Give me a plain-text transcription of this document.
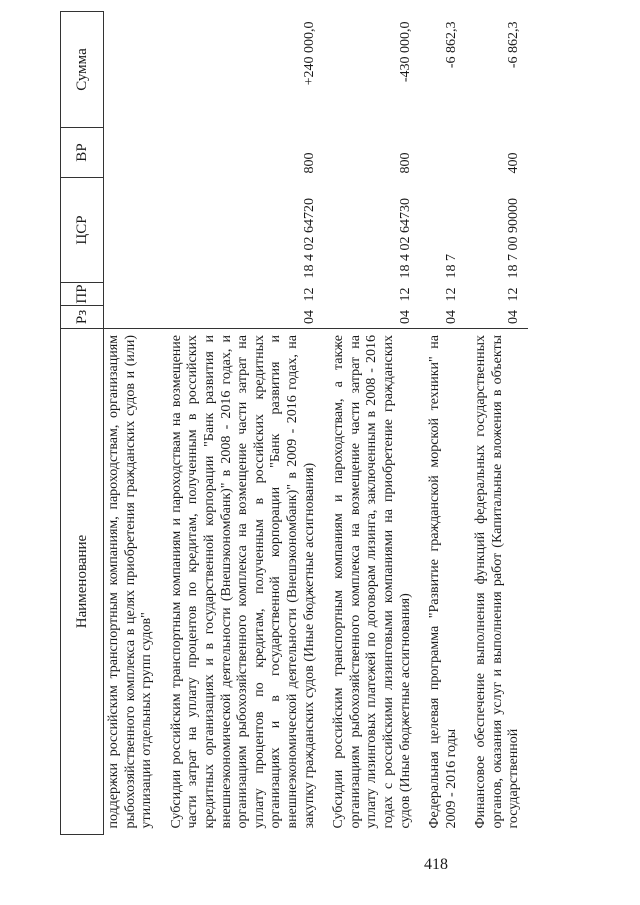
418
Наименование	Рз	ПР	ЦСР	ВР	Сумма
поддержки российским транспортным компаниям, пароходствам, организациям рыбохозяйственного комплекса в целях приобретения гражданских судов и (или) утилизации отдельных групп судов"					
Субсидии российским транспортным компаниям и пароходствам на возмещение части затрат на уплату процентов по кредитам, полученным в российских кредитных организациях и в государственной корпорации "Банк развития и внешнеэкономической деятельности (Внешэкономбанк)" в 2008 - 2016 годах, и организациям рыбохозяйственного комплекса на возмещение части затрат на уплату процентов по кредитам, полученным в российских кредитных организациях и в государственной корпорации "Банк развития и внешнеэкономической деятельности (Внешэкономбанк)" в 2009 - 2016 годах, на закупку гражданских судов (Иные бюджетные ассигнования)	04	12	18 4 02 64720	800	+240 000,0
Субсидии российским транспортным компаниям и пароходствам, а также организациям рыбохозяйственного комплекса на возмещение части затрат на уплату лизинговых платежей по договорам лизинга, заключенным в 2008 - 2016 годах с российскими лизинговыми компаниями на приобретение гражданских судов (Иные бюджетные ассигнования)	04	12	18 4 02 64730	800	-430 000,0
Федеральная целевая программа "Развитие гражданской морской техники" на 2009 - 2016 годы	04	12	18 7		-6 862,3
Финансовое обеспечение выполнения функций федеральных государственных органов, оказания услуг и выполнения работ (Капитальные вложения в объекты государственной	04	12	18 7 00 90000	400	-6 862,3
